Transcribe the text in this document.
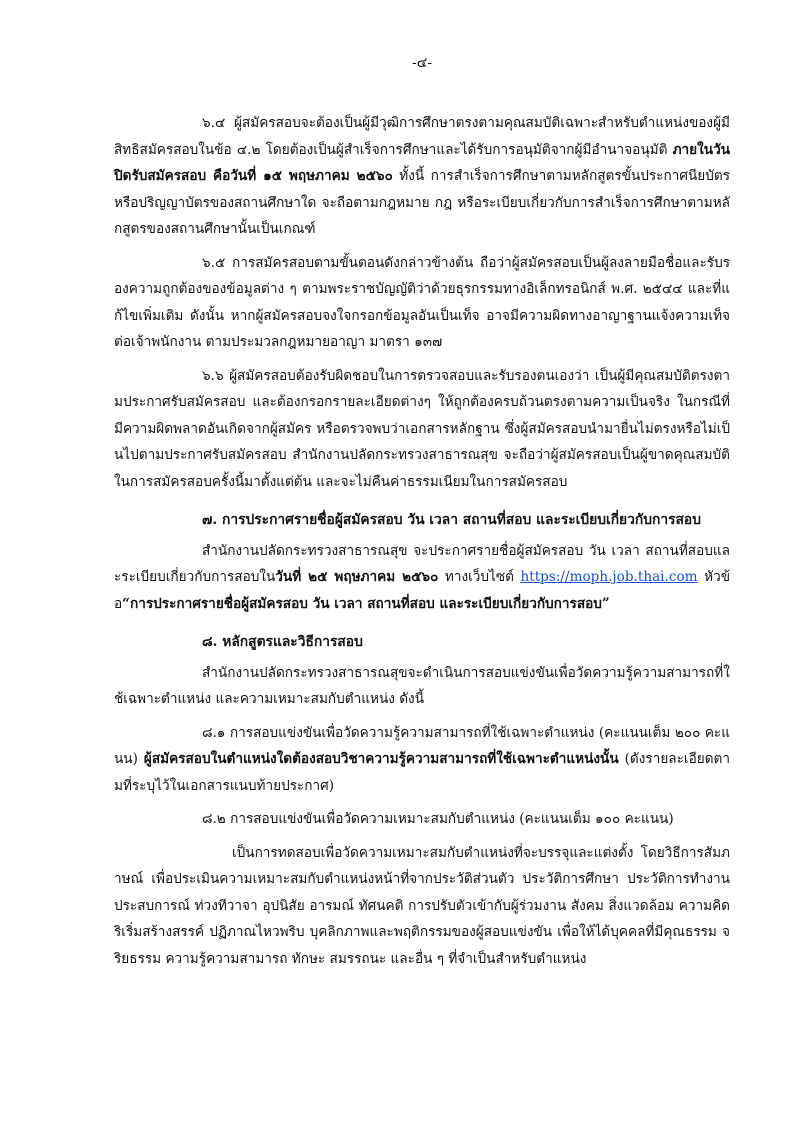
-๔-

๖.๔ ผู้สมัครสอบจะต้องเป็นผู้มีวุฒิการศึกษาตรงตามคุณสมบัติเฉพาะสำหรับตำแหน่งของผู้มีสิทธิสมัครสอบในข้อ ๔.๒ โดยต้องเป็นผู้สำเร็จการศึกษาและได้รับการอนุมัติจากผู้มีอำนาจอนุมัติ ภายในวันปิดรับสมัครสอบ คือวันที่ ๑๕ พฤษภาคม ๒๕๖๐ ทั้งนี้ การสำเร็จการศึกษาตามหลักสูตรขั้นประกาศนียบัตร หรือปริญญาบัตรของสถานศึกษาใด จะถือตามกฎหมาย กฎ หรือระเบียบเกี่ยวกับการสำเร็จการศึกษาตามหลักสูตรของสถานศึกษานั้นเป็นเกณฑ์

๖.๕ การสมัครสอบตามขั้นตอนดังกล่าวข้างต้น ถือว่าผู้สมัครสอบเป็นผู้ลงลายมือชื่อและรับรองความถูกต้องของข้อมูลต่าง ๆ ตามพระราชบัญญัติว่าด้วยธุรกรรมทางอิเล็กทรอนิกส์ พ.ศ. ๒๕๔๔ และที่แก้ไขเพิ่มเติม ดังนั้น หากผู้สมัครสอบจงใจกรอกข้อมูลอันเป็นเท็จ อาจมีความผิดทางอาญาฐานแจ้งความเท็จต่อเจ้าพนักงาน ตามประมวลกฎหมายอาญา มาตรา ๑๓๗

๖.๖ ผู้สมัครสอบต้องรับผิดชอบในการตรวจสอบและรับรองตนเองว่า เป็นผู้มีคุณสมบัติตรงตามประกาศรับสมัครสอบ และต้องกรอกรายละเอียดต่างๆ ให้ถูกต้องครบถ้วนตรงตามความเป็นจริง ในกรณีที่มีความผิดพลาดอันเกิดจากผู้สมัคร หรือตรวจพบว่าเอกสารหลักฐาน ซึ่งผู้สมัครสอบนำมายื่นไม่ตรงหรือไม่เป็นไปตามประกาศรับสมัครสอบ สำนักงานปลัดกระทรวงสาธารณสุข จะถือว่าผู้สมัครสอบเป็นผู้ขาดคุณสมบัติในการสมัครสอบครั้งนี้มาตั้งแต่ต้น และจะไม่คืนค่าธรรมเนียมในการสมัครสอบ

๗. การประกาศรายชื่อผู้สมัครสอบ วัน เวลา สถานที่สอบ และระเบียบเกี่ยวกับการสอบ

สำนักงานปลัดกระทรวงสาธารณสุข จะประกาศรายชื่อผู้สมัครสอบ วัน เวลา สถานที่สอบและระเบียบเกี่ยวกับการสอบในวันที่ ๒๕ พฤษภาคม ๒๕๖๐ ทางเว็บไซต์ https://moph.job.thai.com หัวข้อ“การประกาศรายชื่อผู้สมัครสอบ วัน เวลา สถานที่สอบ และระเบียบเกี่ยวกับการสอบ”

๘. หลักสูตรและวิธีการสอบ

สำนักงานปลัดกระทรวงสาธารณสุขจะดำเนินการสอบแข่งขันเพื่อวัดความรู้ความสามารถที่ใช้เฉพาะตำแหน่ง และความเหมาะสมกับตำแหน่ง ดังนี้

๘.๑ การสอบแข่งขันเพื่อวัดความรู้ความสามารถที่ใช้เฉพาะตำแหน่ง (คะแนนเต็ม ๒๐๐ คะแนน) ผู้สมัครสอบในตำแหน่งใดต้องสอบวิชาความรู้ความสามารถที่ใช้เฉพาะตำแหน่งนั้น (ดังรายละเอียดตามที่ระบุไว้ในเอกสารแนบท้ายประกาศ)

๘.๒ การสอบแข่งขันเพื่อวัดความเหมาะสมกับตำแหน่ง (คะแนนเต็ม ๑๐๐ คะแนน)

เป็นการทดสอบเพื่อวัดความเหมาะสมกับตำแหน่งที่จะบรรจุและแต่งตั้ง โดยวิธีการสัมภาษณ์ เพื่อประเมินความเหมาะสมกับตำแหน่งหน้าที่จากประวัติส่วนตัว ประวัติการศึกษา ประวัติการทำงาน ประสบการณ์ ท่วงทีวาจา อุปนิสัย อารมณ์ ทัศนคติ การปรับตัวเข้ากับผู้ร่วมงาน สังคม สิ่งแวดล้อม ความคิดริเริ่มสร้างสรรค์ ปฏิภาณไหวพริบ บุคลิกภาพและพฤติกรรมของผู้สอบแข่งขัน เพื่อให้ได้บุคคลที่มีคุณธรรม จริยธรรม ความรู้ความสามารถ ทักษะ สมรรถนะ และอื่น ๆ ที่จำเป็นสำหรับตำแหน่ง
